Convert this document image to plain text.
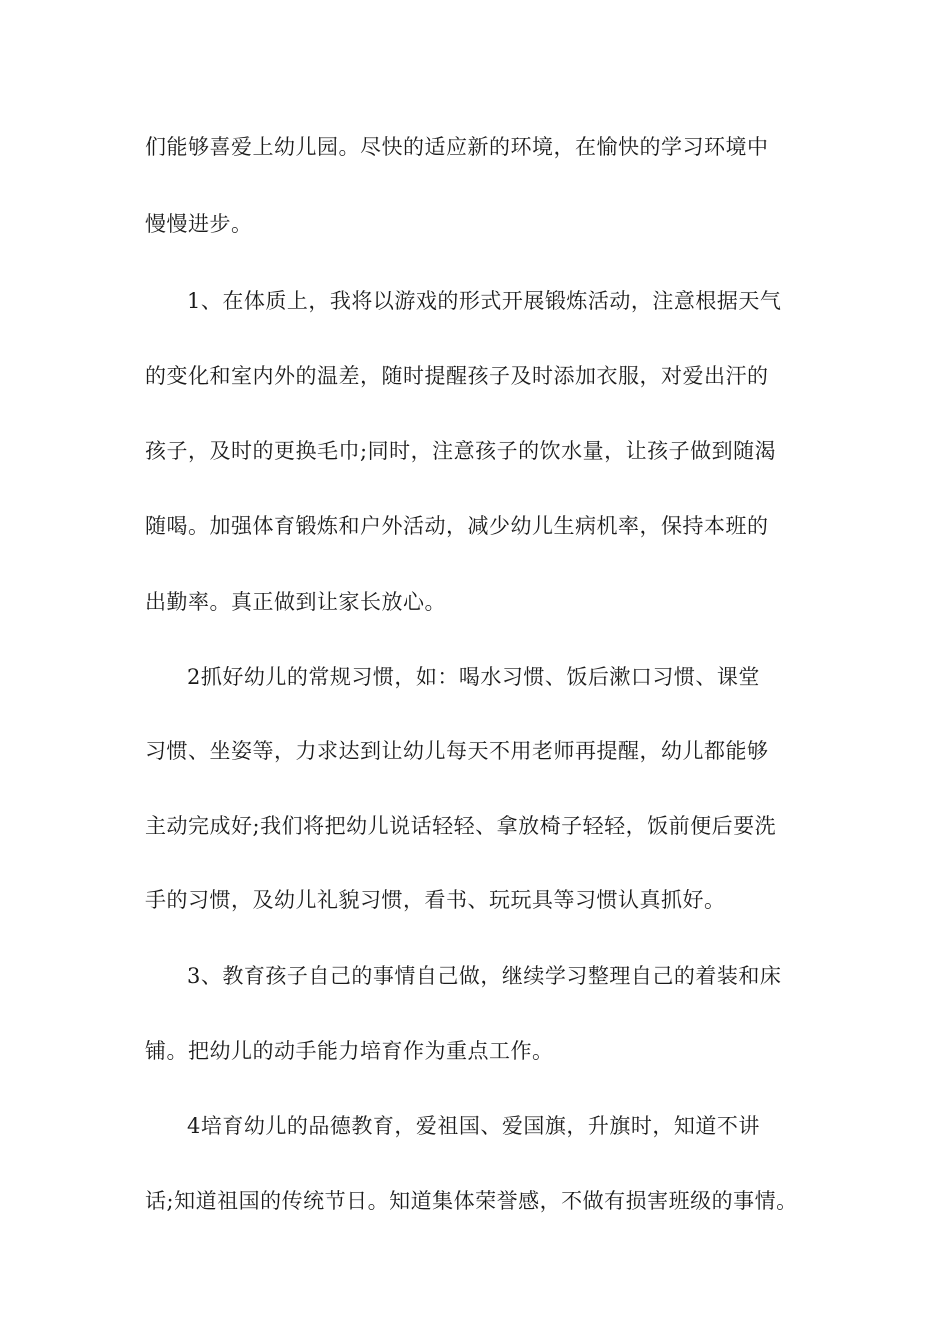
们能够喜爱上幼儿园。尽快的适应新的环境，在愉快的学习环境中

慢慢进步。

1、在体质上，我将以游戏的形式开展锻炼活动，注意根据天气

的变化和室内外的温差，随时提醒孩子及时添加衣服，对爱出汗的

孩子，及时的更换毛巾;同时，注意孩子的饮水量，让孩子做到随渴

随喝。加强体育锻炼和户外活动，减少幼儿生病机率，保持本班的

出勤率。真正做到让家长放心。

2抓好幼儿的常规习惯，如：喝水习惯、饭后漱口习惯、课堂

习惯、坐姿等，力求达到让幼儿每天不用老师再提醒，幼儿都能够

主动完成好;我们将把幼儿说话轻轻、拿放椅子轻轻，饭前便后要洗

手的习惯，及幼儿礼貌习惯，看书、玩玩具等习惯认真抓好。

3、教育孩子自己的事情自己做，继续学习整理自己的着装和床

铺。把幼儿的动手能力培育作为重点工作。

4培育幼儿的品德教育，爱祖国、爱国旗，升旗时，知道不讲

话;知道祖国的传统节日。知道集体荣誉感，不做有损害班级的事情。
